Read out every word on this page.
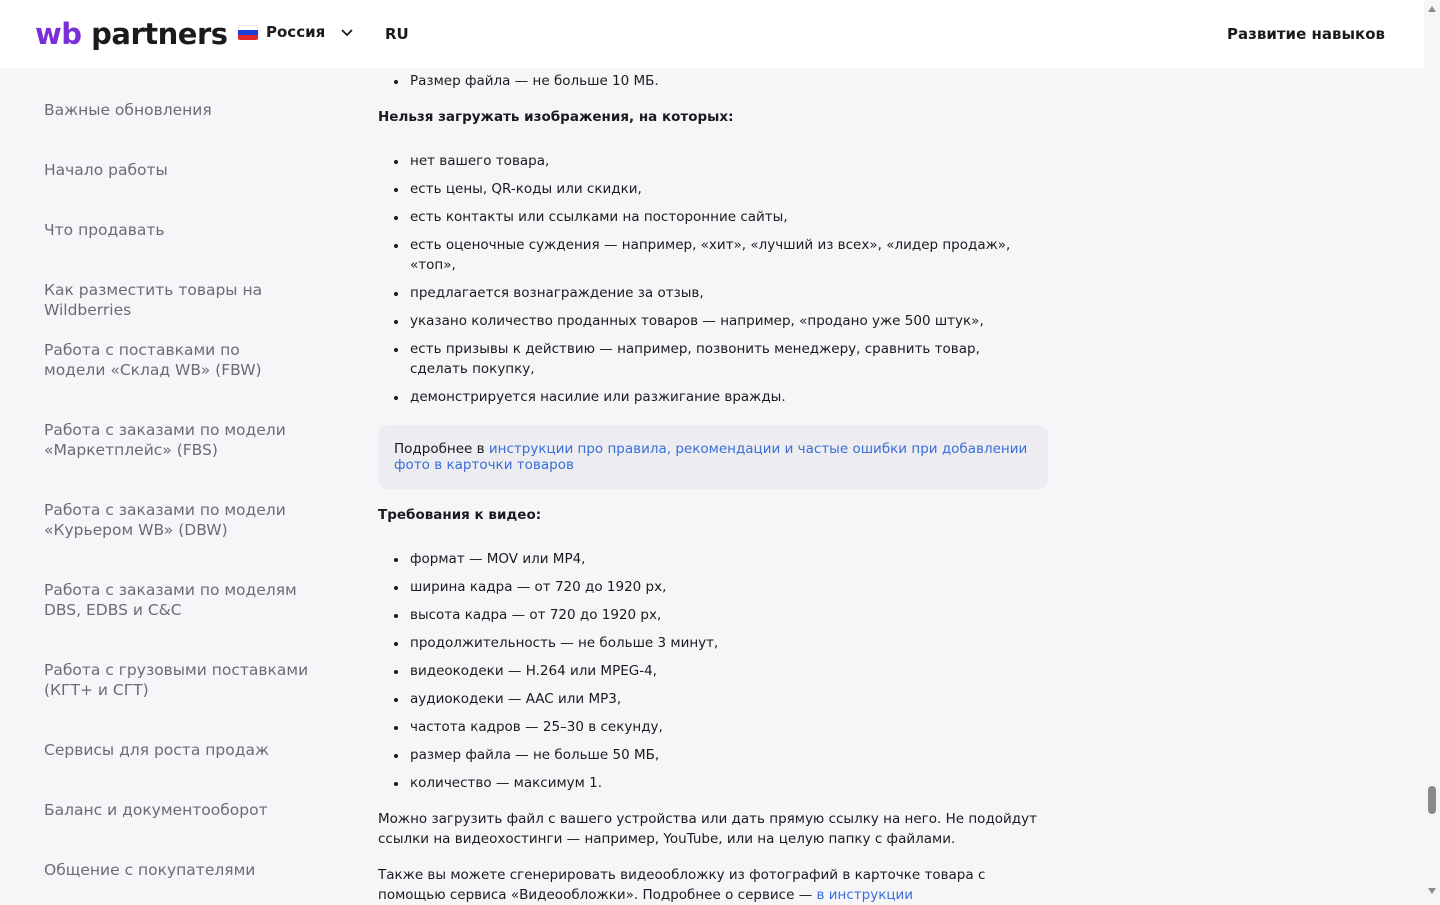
wb partners	Россия	RU	Развитие навыков
Важные обновления
Начало работы
Что продавать
Как разместить товары на Wildberries
Работа с поставками по модели «Склад WB» (FBW)
Работа с заказами по модели «Маркетплейс» (FBS)
Работа с заказами по модели «Курьером WB» (DBW)
Работа с заказами по моделям DBS, EDBS и C&C
Работа с грузовыми поставками (КГТ+ и СГТ)
Сервисы для роста продаж
Баланс и документооборот
Общение с покупателями
Размер файла — не больше 10 МБ.

Нельзя загружать изображения, на которых:

нет вашего товара,
есть цены, QR-коды или скидки,
есть контакты или ссылками на посторонние сайты,
есть оценочные суждения — например, «хит», «лучший из всех», «лидер продаж», «топ»,
предлагается вознаграждение за отзыв,
указано количество проданных товаров — например, «продано уже 500 штук»,
есть призывы к действию — например, позвонить менеджеру, сравнить товар, сделать покупку,
демонстрируется насилие или разжигание вражды.
Подробнее в инструкции про правила, рекомендации и частые ошибки при добавлении фото в карточки товаров

Требования к видео:

формат — MOV или MP4,
ширина кадра — от 720 до 1920 px,
высота кадра — от 720 до 1920 px,
продолжительность — не больше 3 минут,
видеокодеки — H.264 или MPEG-4,
аудиокодеки — AAC или MP3,
частота кадров — 25–30 в секунду,
размер файла — не больше 50 МБ,
количество — максимум 1.

Можно загрузить файл с вашего устройства или дать прямую ссылку на него. Не подойдут ссылки на видеохостинги — например, YouTube, или на целую папку с файлами.

Также вы можете сгенерировать видеообложку из фотографий в карточке товара с помощью сервиса «Видеообложки». Подробнее о сервисе — в инструкции
